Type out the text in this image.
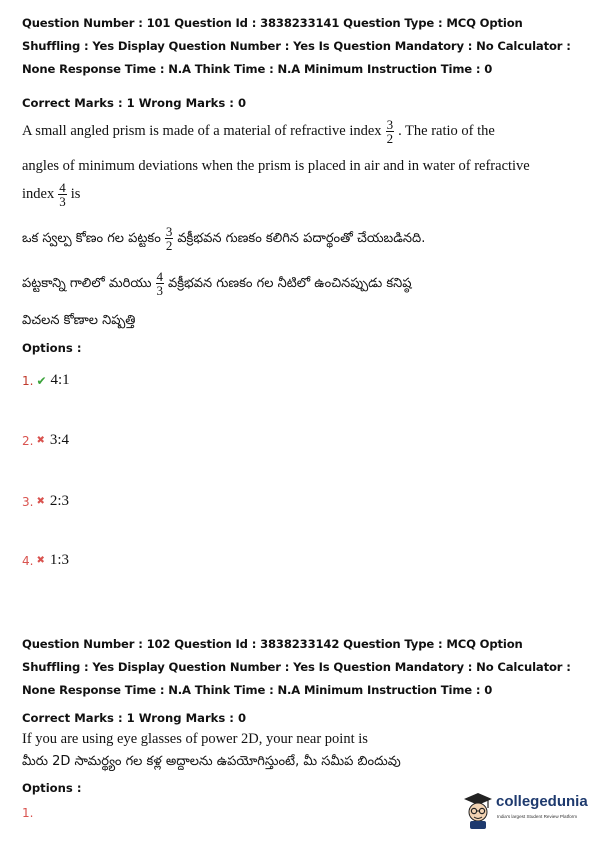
Question Number : 101 Question Id : 3838233141 Question Type : MCQ Option Shuffling : Yes Display Question Number : Yes Is Question Mandatory : No Calculator : None Response Time : N.A Think Time : N.A Minimum Instruction Time : 0
Correct Marks : 1 Wrong Marks : 0
A small angled prism is made of a material of refractive index $\frac{3}{2}$ . The ratio of the
angles of minimum deviations when the prism is placed in air and in water of refractive
index $\frac{4}{3}$ is
ఒక స్వల్ప కోణం గల పట్టకం $\frac{3}{2}$ వక్రీభవన గుణకం కలిగిన పదార్థంతో చేయబడినది.
పట్టకాన్ని గాలిలో మరియు $\frac{4}{3}$ వక్రీభవన గుణకం గల నీటిలో ఉంచినప్పుడు కనిష్ఠ
విచలన కోణాల నిష్పత్తి
Options :
1. ✔ 4:1
2. ✖ 3:4
3. ✖ 2:3
4. ✖ 1:3
Question Number : 102 Question Id : 3838233142 Question Type : MCQ Option Shuffling : Yes Display Question Number : Yes Is Question Mandatory : No Calculator : None Response Time : N.A Think Time : N.A Minimum Instruction Time : 0
Correct Marks : 1 Wrong Marks : 0
If you are using eye glasses of power 2D, your near point is
మీరు 2D సామర్థ్యం గల కళ్ల అద్దాలను ఉపయోగిస్తుంటే, మీ సమీప బిందువు
Options :
1.
collegedunia
India's largest Student Review Platform
